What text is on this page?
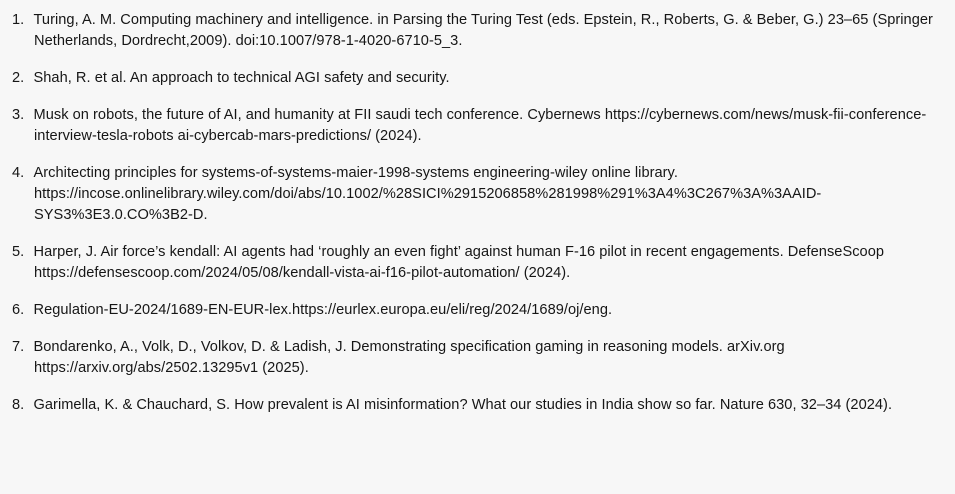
1. Turing, A. M. Computing machinery and intelligence. in Parsing the Turing Test (eds. Epstein, R., Roberts, G. & Beber, G.) 23–65 (Springer Netherlands, Dordrecht,2009). doi:10.1007/978-1-4020-6710-5_3.
2. Shah, R. et al. An approach to technical AGI safety and security.
3. Musk on robots, the future of AI, and humanity at FII saudi tech conference. Cybernews https://cybernews.com/news/musk-fii-conference-interview-tesla-robots ai-cybercab-mars-predictions/ (2024).
4. Architecting principles for systems-of-systems-maier-1998-systems engineering-wiley online library. https://incose.onlinelibrary.wiley.com/doi/abs/10.1002/%28SICI%2915206858%281998%291%3A4%3C267%3A%3AAID-SYS3%3E3.0.CO%3B2-D.
5. Harper, J. Air force’s kendall: AI agents had ‘roughly an even fight’ against human F-16 pilot in recent engagements. DefenseScoop https://defensescoop.com/2024/05/08/kendall-vista-ai-f16-pilot-automation/ (2024).
6. Regulation-EU-2024/1689-EN-EUR-lex.https://eurlex.europa.eu/eli/reg/2024/1689/oj/eng.
7. Bondarenko, A., Volk, D., Volkov, D. & Ladish, J. Demonstrating specification gaming in reasoning models. arXiv.org https://arxiv.org/abs/2502.13295v1 (2025).
8. Garimella, K. & Chauchard, S. How prevalent is AI misinformation? What our studies in India show so far. Nature 630, 32–34 (2024).
